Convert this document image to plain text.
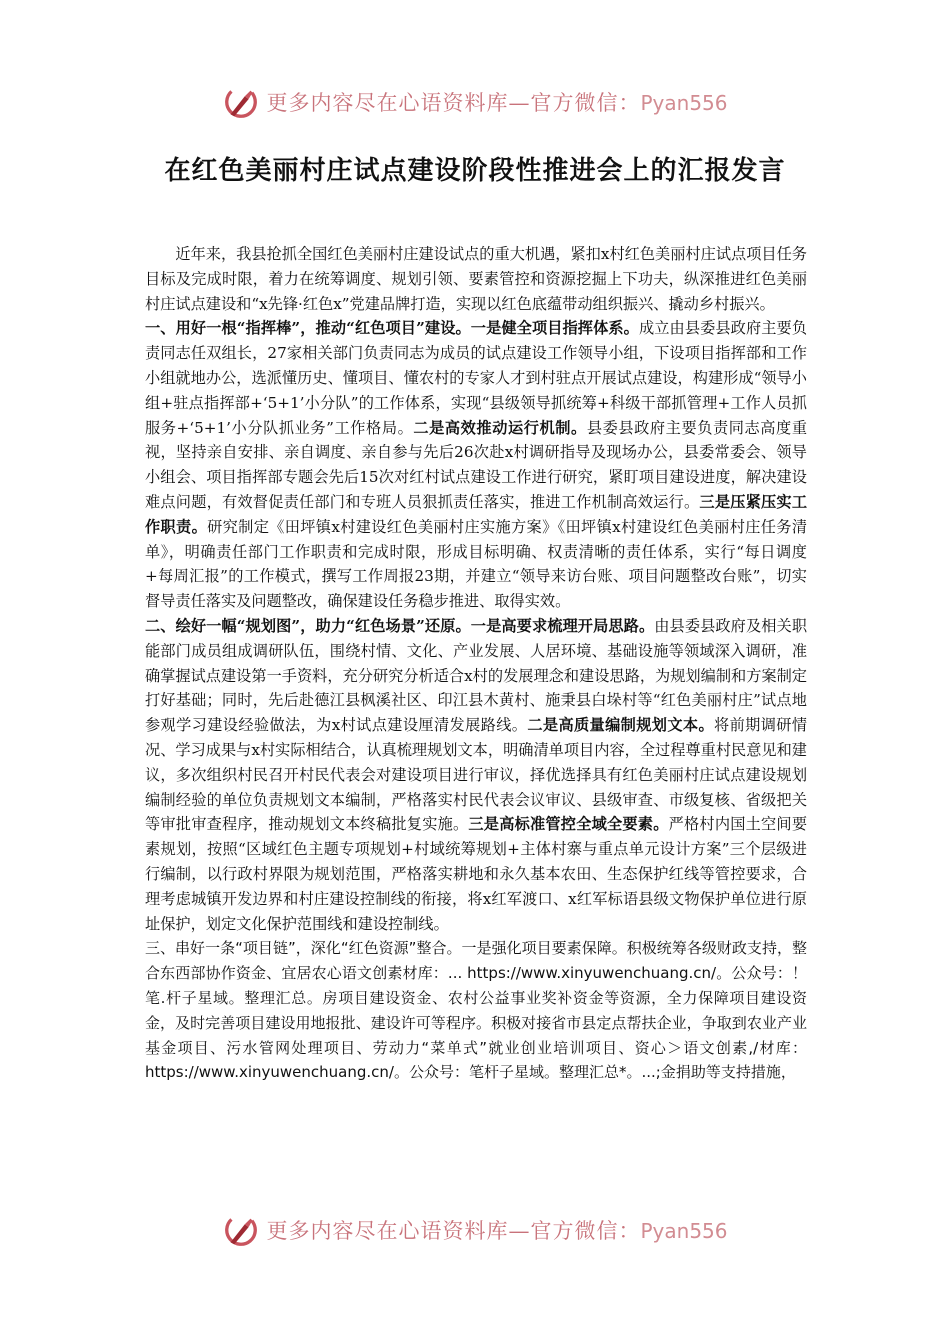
更多内容尽在心语资料库—官方微信：Pyan556
在红色美丽村庄试点建设阶段性推进会上的汇报发言

近年来，我县抢抓全国红色美丽村庄建设试点的重大机遇，紧扣x村红色美丽村庄试点项目任务目标及完成时限，着力在统筹调度、规划引领、要素管控和资源挖掘上下功夫，纵深推进红色美丽村庄试点建设和“x先锋·红色x”党建品牌打造，实现以红色底蕴带动组织振兴、撬动乡村振兴。

一、用好一根“指挥棒”，推动“红色项目”建设。一是健全项目指挥体系。成立由县委县政府主要负责同志任双组长，27家相关部门负责同志为成员的试点建设工作领导小组，下设项目指挥部和工作小组就地办公，选派懂历史、懂项目、懂农村的专家人才到村驻点开展试点建设，构建形成“领导小组+驻点指挥部+‘5+1’小分队”的工作体系，实现“县级领导抓统筹+科级干部抓管理+工作人员抓服务+‘5+1’小分队抓业务”工作格局。二是高效推动运行机制。县委县政府主要负责同志高度重视，坚持亲自安排、亲自调度、亲自参与先后26次赴x村调研指导及现场办公，县委常委会、领导小组会、项目指挥部专题会先后15次对红村试点建设工作进行研究，紧盯项目建设进度，解决建设难点问题，有效督促责任部门和专班人员狠抓责任落实，推进工作机制高效运行。三是压紧压实工作职责。研究制定《田坪镇x村建设红色美丽村庄实施方案》《田坪镇x村建设红色美丽村庄任务清单》，明确责任部门工作职责和完成时限，形成目标明确、权责清晰的责任体系，实行“每日调度+每周汇报”的工作模式，撰写工作周报23期，并建立“领导来访台账、项目问题整改台账”，切实督导责任落实及问题整改，确保建设任务稳步推进、取得实效。

二、绘好一幅“规划图”，助力“红色场景”还原。一是高要求梳理开局思路。由县委县政府及相关职能部门成员组成调研队伍，围绕村情、文化、产业发展、人居环境、基础设施等领域深入调研，准确掌握试点建设第一手资料，充分研究分析适合x村的发展理念和建设思路，为规划编制和方案制定打好基础；同时，先后赴德江县枫溪社区、印江县木黄村、施秉县白垛村等“红色美丽村庄”试点地参观学习建设经验做法，为x村试点建设厘清发展路线。二是高质量编制规划文本。将前期调研情况、学习成果与x村实际相结合，认真梳理规划文本，明确清单项目内容，全过程尊重村民意见和建议，多次组织村民召开村民代表会对建设项目进行审议，择优选择具有红色美丽村庄试点建设规划编制经验的单位负责规划文本编制，严格落实村民代表会议审议、县级审查、市级复核、省级把关等审批审查程序，推动规划文本终稿批复实施。三是高标准管控全域全要素。严格村内国土空间要素规划，按照“区域红色主题专项规划+村域统筹规划+主体村寨与重点单元设计方案”三个层级进行编制，以行政村界限为规划范围，严格落实耕地和永久基本农田、生态保护红线等管控要求，合理考虑城镇开发边界和村庄建设控制线的衔接，将x红军渡口、x红军标语县级文物保护单位进行原址保护，划定文化保护范围线和建设控制线。

三、串好一条“项目链”，深化“红色资源”整合。一是强化项目要素保障。积极统筹各级财政支持，整合东西部协作资金、宜居农心语文创素材库：... https://www.xinyuwenchuang.cn/。公众号：！笔.杆子星域。整理汇总。房项目建设资金、农村公益事业奖补资金等资源，全力保障项目建设资金，及时完善项目建设用地报批、建设许可等程序。积极对接省市县定点帮扶企业，争取到农业产业基金项目、污水管网处理项目、劳动力“菜单式”就业创业培训项目、资心＞语文创素,/材库：https://www.xinyuwenchuang.cn/。公众号：笔杆子星域。整理汇总*。...;金捐助等支持措施，

更多内容尽在心语资料库—官方微信：Pyan556
